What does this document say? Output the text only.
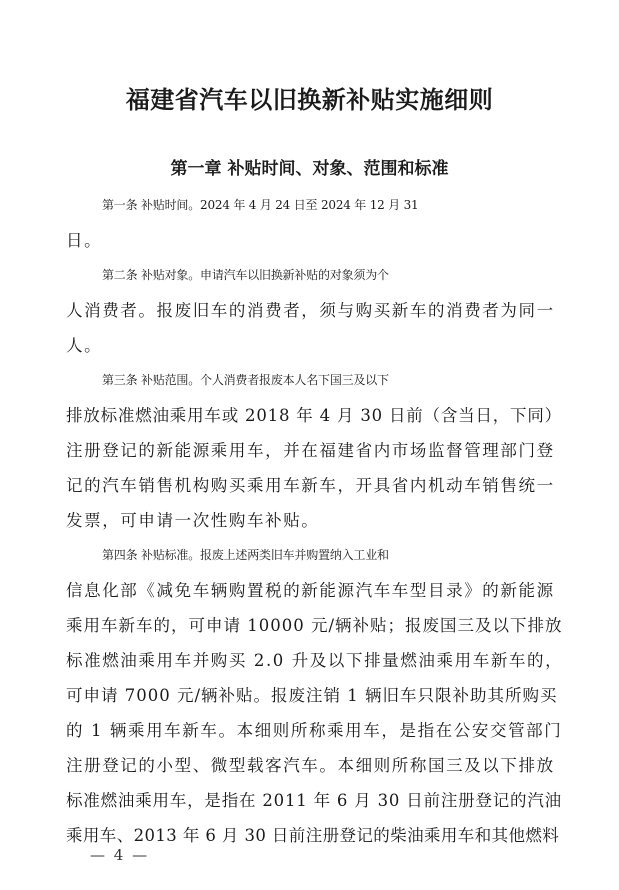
福建省汽车以旧换新补贴实施细则
第一章 补贴时间、对象、范围和标准
第一条 补贴时间。2024 年 4 月 24 日至 2024 年 12 月 31
日。
第二条 补贴对象。申请汽车以旧换新补贴的对象须为个
人消费者。报废旧车的消费者，须与购买新车的消费者为同一
人。
第三条 补贴范围。个人消费者报废本人名下国三及以下
排放标准燃油乘用车或 2018 年 4 月 30 日前（含当日，下同）
注册登记的新能源乘用车，并在福建省内市场监督管理部门登
记的汽车销售机构购买乘用车新车，开具省内机动车销售统一
发票，可申请一次性购车补贴。
第四条 补贴标准。报废上述两类旧车并购置纳入工业和
信息化部《减免车辆购置税的新能源汽车车型目录》的新能源
乘用车新车的，可申请 10000 元/辆补贴；报废国三及以下排放
标准燃油乘用车并购买 2.0 升及以下排量燃油乘用车新车的，
可申请 7000 元/辆补贴。报废注销 1 辆旧车只限补助其所购买
的 1 辆乘用车新车。本细则所称乘用车，是指在公安交管部门
注册登记的小型、微型载客汽车。本细则所称国三及以下排放
标准燃油乘用车，是指在 2011 年 6 月 30 日前注册登记的汽油
乘用车、2013 年 6 月 30 日前注册登记的柴油乘用车和其他燃料
— 4 —
